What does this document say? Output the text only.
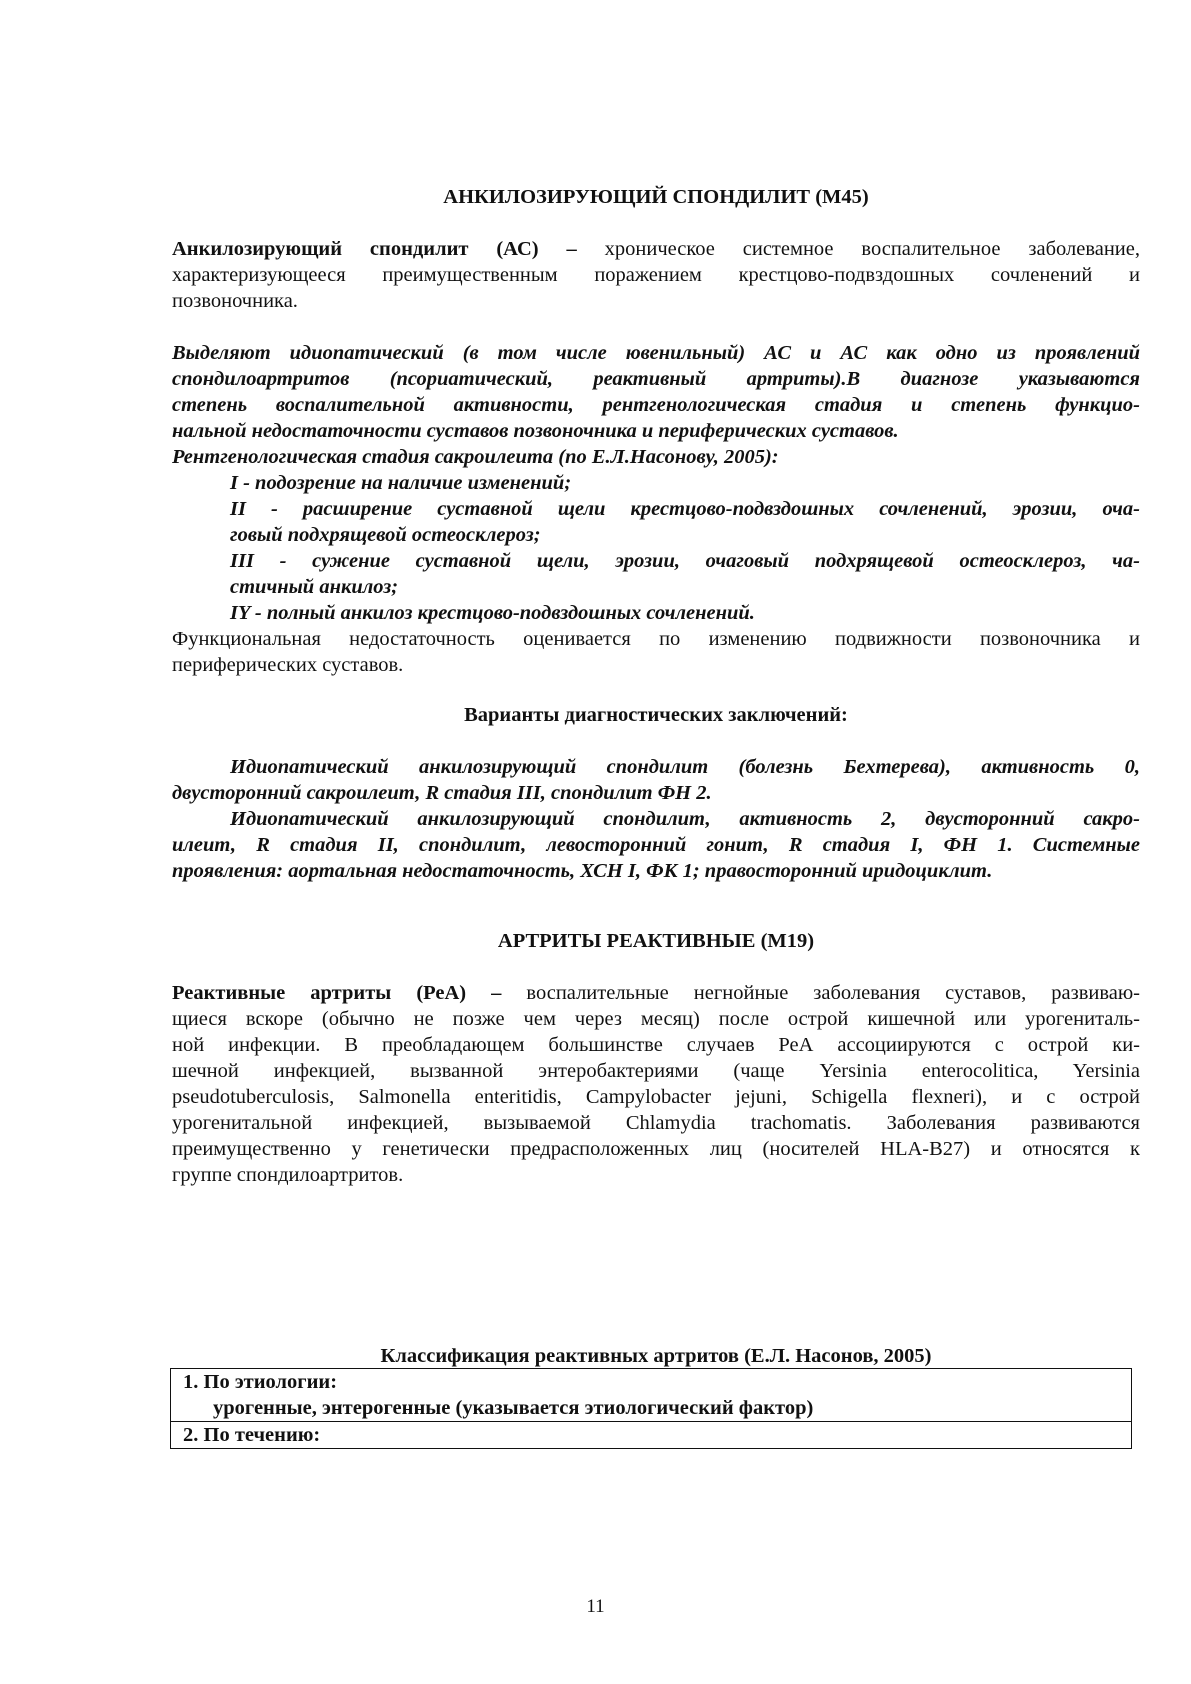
АНКИЛОЗИРУЮЩИЙ СПОНДИЛИТ (М45)

Анкилозирующий спондилит (АС) – хроническое системное воспалительное заболевание,

характеризующееся преимущественным поражением крестцово-подвздошных сочленений и

позвоночника.

Выделяют идиопатический (в том числе ювенильный) АС и АС как одно из проявлений

спондилоартритов (псориатический, реактивный артриты).В диагнозе указываются

степень воспалительной активности, рентгенологическая стадия и степень функцио-

нальной недостаточности суставов позвоночника и периферических суставов.

Рентгенологическая стадия сакроилеита (по Е.Л.Насонову, 2005):

I - подозрение на наличие изменений;

II - расширение суставной щели крестцово-подвздошных сочленений, эрозии, оча-

говый подхрящевой остеосклероз;

III - сужение суставной щели, эрозии, очаговый подхрящевой остеосклероз, ча-

стичный анкилоз;

IY - полный анкилоз крестцово-подвздошных сочленений.

Функциональная недостаточность оценивается по изменению подвижности позвоночника и

периферических суставов.

Варианты диагностических заключений:

Идиопатический анкилозирующий спондилит (болезнь Бехтерева), активность 0,

двусторонний сакроилеит, R стадия III, спондилит ФН 2.

Идиопатический анкилозирующий спондилит, активность 2, двусторонний сакро-

илеит, R стадия II, спондилит, левосторонний гонит, R стадия I, ФН 1. Системные

проявления: аортальная недостаточность, ХСН I, ФК 1; правосторонний иридоциклит.

АРТРИТЫ РЕАКТИВНЫЕ (М19)

Реактивные артриты (РеА) – воспалительные негнойные заболевания суставов, развиваю-

щиеся вскоре (обычно не позже чем через месяц) после острой кишечной или урогениталь-

ной инфекции. В преобладающем большинстве случаев РеА ассоциируются с острой ки-

шечной инфекцией, вызванной энтеробактериями (чаще Yersinia enterocolitica, Yersinia

pseudotuberculosis, Salmonella enteritidis, Campylobacter jejuni, Schigella flexneri), и с острой

урогенитальной инфекцией, вызываемой Chlamydia trachomatis. Заболевания развиваются

преимущественно у генетически предрасположенных лиц (носителей HLA-B27) и относятся к

группе спондилоартритов.

Классификация реактивных артритов (Е.Л. Насонов, 2005)

1. По этиологии:
урогенные, энтерогенные (указывается этиологический фактор)
2. По течению:
11
